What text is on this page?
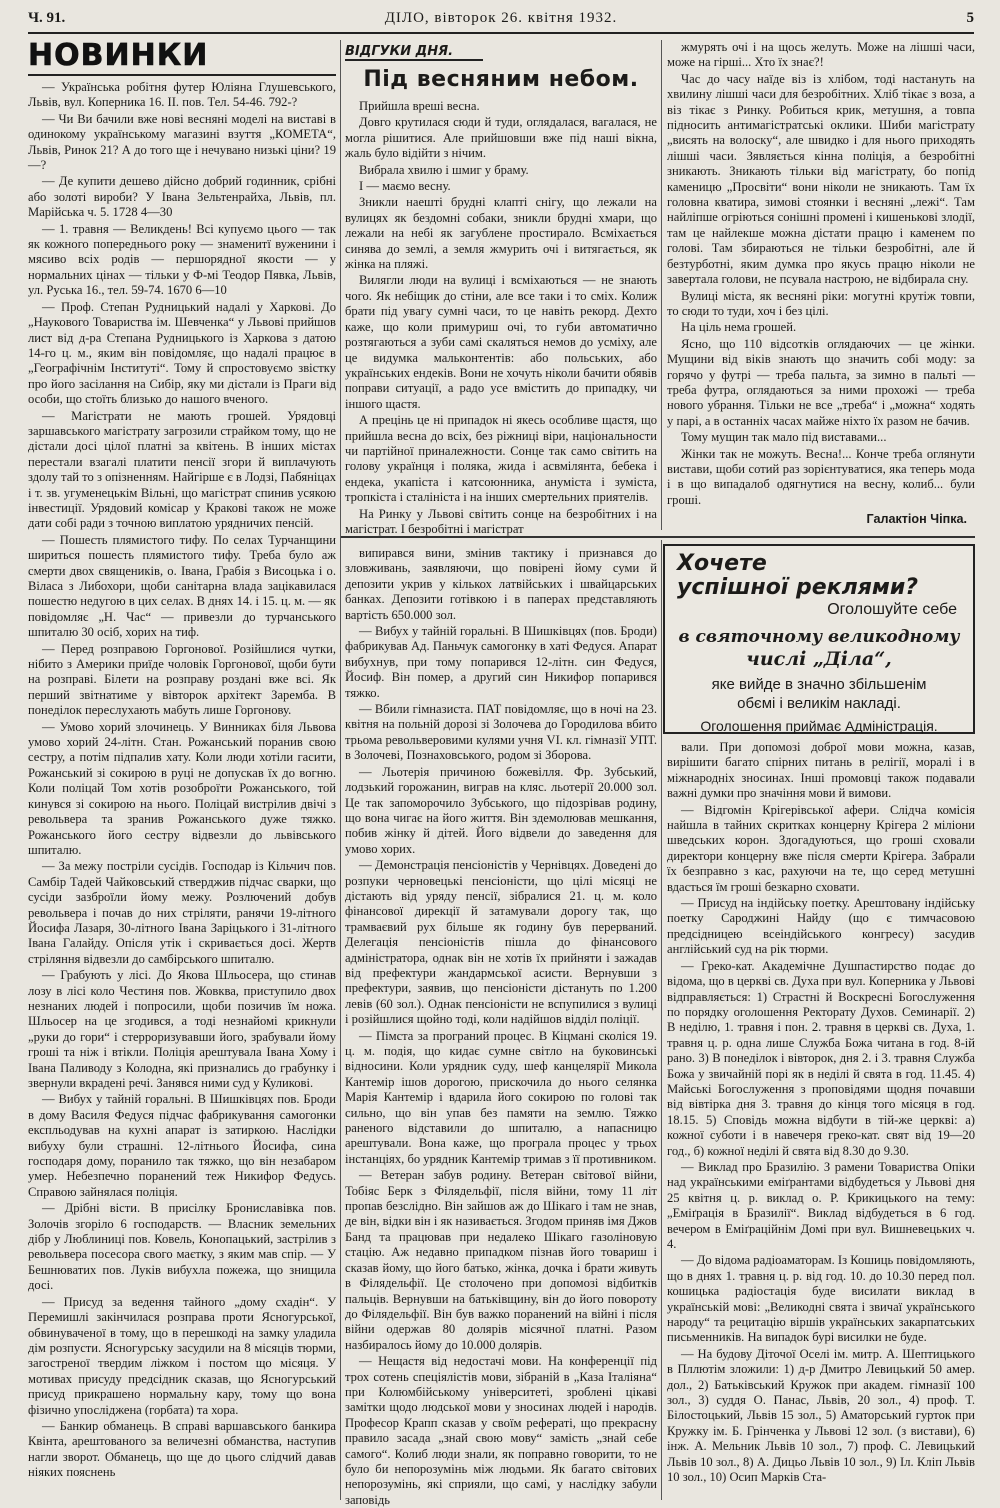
Ч. 91.	ДІЛО, вівторок 26. квітня 1932.	5
НОВИНКИ

— Українська робітня футер Юліяна Глушевського, Львів, вул. Коперника 16. II. пов. Тел. 54-46. 792-?

— Чи Ви бачили вже нові весняні моделі на виставі в одинокому українському магазині взуття „КОМЕТА“, Львів, Ринок 21? А до того ще і нечувано низькі ціни? 19—?

— Де купити дешево дійсно добрий годинник, срібні або золоті вироби? У Івана Зельтенрайха, Львів, пл. Марійська ч. 5. 1728 4—30

— 1. травня — Великдень! Всі купуємо цього — так як кожного попереднього року — знаменитї вуженини і мясиво всіх родів — першорядної якости — у нормальних цінах — тільки у Ф-мі Теодор Пявка, Львів, ул. Руська 16., тел. 59-74. 1670 6—10

— Проф. Степан Рудницький надалі у Харкові. До „Наукового Товариства ім. Шевченка“ у Львові прийшов лист від д-ра Степана Рудницького із Харкова з датою 14-го ц. м., яким він повідомляє, що надалі працює в „Географічнім Інституті“. Тому й спростовуємо звістку про його засілання на Сибір, яку ми дістали із Праги від особи, що стоїть близько до нашого вченого.

— Магістрати не мають грошей. Урядовці заршавського магістрату загрозили страйком тому, що не дістали досі цілої платні за квітень. В інших містах перестали взагалі платити пенсії згори й виплачують здолу тай то з опізненням. Найгірше є в Лодзі, Пабяніцах і т. зв. угуменецькім Вільні, що магістрат спинив усякою інвестиції. Урядовий комісар у Кракові також не може дати собі ради з точною виплатою урядничих пенсій.

— Пошесть плямистого тифу. По селах Турчанщини шириться пошесть плямистого тифу. Треба було аж смерти двох священиків, о. Івана, Грабія з Висоцька і о. Віласа з Либохори, щоби санітарна влада зацікавилася пошестю недугою в цих селах. В днях 14. і 15. ц. м. — як повідомляє „Н. Час“ — привезли до турчанського шпиталю 30 осіб, хорих на тиф.

— Перед розправою Горгонової. Розійшлися чутки, нібито з Америки приїде чоловік Горгонової, щоби бути на розправі. Білети на розправу роздані вже всі. Як перший звітнатиме у вівторок архітект Заремба. В понеділок переслухають мабуть лише Горгонову.

— Умово хорий злочинець. У Винниках біля Львова умово хорий 24-літн. Стан. Рожанський поранив свою сестру, а потім підпалив хату. Коли люди хотіли гасити, Рожанський зі сокирою в руці не допускав їх до вогню. Коли поліцай Том хотів розоброїти Рожанського, той кинувся зі сокирою на нього. Поліцай вистрілив двічі з револьвера та зранив Рожанського дуже тяжко. Рожанського його сестру відвезли до львівського шпиталю.

— За межу постріли сусідів. Господар із Кільчич пов. Самбір Тадей Чайковський стверджив підчас сварки, що сусіди зазброїли йому межу. Розлючений добув револьвера і почав до них стріляти, ранячи 19-літного Йосифа Лазаря, 30-літного Івана Заріцького і 31-літного Івана Галайду. Опісля утік і скривається досі. Жертв стріляння відвезли до самбірського шпиталю.

— Грабують у лісі. До Якова Шльосера, що стинав лозу в лісі коло Честиня пов. Жовква, приступило двох незнаних людей і попросили, щоби позичив їм ножа. Шльосер на це згодився, а тоді незнайомі крикнули „руки до гори“ і стерроризувавши його, зрабували йому гроші та ніж і втікли. Поліція арештувала Івана Хому і Івана Паливоду з Колодна, які признались до грабунку і звернули вкрадені речі. Занявся ними суд у Куликові.

— Вибух у тайній горальні. В Шишківцях пов. Броди в дому Василя Федуся підчас фабрикування самогонки експльодував на кухні апарат із затиркою. Наслідки вибуху були страшні. 12-літнього Йосифа, сина господаря дому, поранило так тяжко, що він незабаром умер. Небезпечно поранений теж Никифор Федусь. Справою зайнялася поліція.

— Дрібні вісти. В присілку Брониславівка пов. Золочів згоріло 6 господарств. — Власник земельних дібр у Люблиниці пов. Ковель, Конопацький, застрілив з револьвера посесора свого маєтку, з яким мав спір. — У Бешнюватих пов. Луків вибухла пожежа, що знищила досі.

— Присуд за ведення тайного „дому схадін“. У Перемишлі закінчилася розправа проти Ясногурської, обвинуваченої в тому, що в перешкоді на замку уладила дім розпусти. Ясногурську засудили на 8 місяців тюрми, загостреної твердим ліжком і постом що місяця. У мотивах присуду предсідник сказав, що Ясногурський присуд прикрашено нормальну кару, тому що вона фізично упосліджена (горбата) та хора.

— Банкир обманець. В справі варшавського банкира Квінта, арештованого за величезні обманства, наступив нагли зворот. Обманець, що ще до цього слідчий давав ніяких пояснень

ВІДГУКИ ДНЯ.
Під весняним небом.

Прийшла вреші весна.

Довго крутилася сюди й туди, оглядалася, вагалася, не могла рішитися. Але прийшовши вже під наші вікна, жаль було відійти з нічим.

Вибрала хвилю і шмиг у браму.

І — маємо весну.

Зникли наешті брудні клапті снігу, що лежали на вулицях як бездомні собаки, зникли брудні хмари, що лежали на небі як загублене простирало. Всміхається синява до землі, а земля жмурить очі і витягається, як жінка на пляжі.

Вилягли люди на вулиці і всміхаються — не знають чого. Як небіщик до стіни, але все таки і то сміх. Колиж брати під увагу сумні часи, то це навіть рекорд. Дехто каже, що коли примуриш очі, то губи автоматично розтягаються а зуби самі скаляться немов до усміху, але це видумка мальконтентів: або польських, або українських ендеків. Вони не хочуть ніколи бачити обявів поправи ситуації, а радо усе вмістить до припадку, чи іншого щастя.

А прецінь це ні припадок ні якесь особливе щастя, що прийшла весна до всіх, без ріжниці віри, національности чи партійної приналежности. Сонце так само світить на голову українця і поляка, жида і асвмілянта, бебека і ендека, укапіста і катсоюнника, ануміста і зуміста, тропкіста і сталініста і на інших смертельних приятелів.

На Ринку у Львові світить сонце на безробітних і на магістрат. І безробітні і магістрат

жмурять очі і на щось желуть. Може на лішші часи, може на гірші... Хто їх знає?!

Час до часу наїде віз із хлібом, тоді настануть на хвилину лішші часи для безробітних. Хліб тікає з воза, а віз тікає з Ринку. Робиться крик, метушня, а товпа підносить антимагістратські оклики. Шиби магістрату „висять на волоску“, але швидко і для нього приходять лішші часи. Зявляється кінна поліція, а безробітні зникають. Зникають тільки від магістрату, бо попід каменицю „Просвіти“ вони ніколи не зникають. Там їх головна кватира, зимові стоянки і весняні „лежі“. Там найліпше огріються сонішні промені і кишенькові злодії, там це найлекше можна дістати працю і каменем по голові. Там збираються не тільки безробітні, але й безтурботні, яким думка про якусь працю ніколи не завертала голови, не псувала настрою, не відбирала сну.

Вулиці міста, як весняні ріки: могутні крутіж товпи, то сюди то туди, хоч і без цілі.

На ціль нема грошей.

Ясно, що 110 відсотків оглядаючих — це жінки. Мущини від віків знають що значить собі моду: за горячо у футрі — треба пальта, за зимно в пальті — треба футра, оглядаються за ними прохожі — треба нового убрання. Тільки не все „треба“ і „можна“ ходять у парі, а в останніх часах майже ніхто їх разом не бачив.

Тому мущин так мало під виставами...

Жінки так не можуть. Весна!... Конче треба оглянути вистави, щоби сотий раз зорієнтуватися, яка теперь мода і в що випадалоб одягнутися на весну, колиб... були гроші.

Галактіон Чіпка.

випирався вини, змінив тактику і признався до зловживань, заявляючи, що повірені йому суми й депозити укрив у кількох латвійських і швайцарських банках. Депозити готівкою і в паперах представляють вартість 650.000 зол.

— Вибух у тайній горальні. В Шишківцях (пов. Броди) фабрикував Ад. Паньчук самогонку в хаті Федуся. Апарат вибухнув, при тому попарився 12-літн. син Федуся, Йосиф. Він помер, а другий син Никифор попарився тяжко.

— Вбили гімназиста. ПАТ повідомляє, що в ночі на 23. квітня на польній дорозі зі Золочева до Городилова вбито трьома револьверовими кулями учня VI. кл. гімназії УПТ. в Золочеві, Познаховського, родом зі Зборова.

— Льотерія причиною божевілля. Фр. Зубський, лодзький горожанин, виграв на кляс. льотерії 20.000 зол. Це так запоморочило Зубського, що підозрівав родину, що вона чигає на його життя. Він здемолював мешкання, побив жінку й дітей. Його відвели до заведення для умово хорих.

— Демонстрація пенсіоністів у Чернівцях. Доведені до розпуки черновецькі пенсіоністи, що цілі місяці не дістають від уряду пенсії, зібралися 21. ц. м. коло фінансової дирекції й затамували дорогу так, що трамваєвий рух більше як годину був перерваний. Делегація пенсіоністів пішла до фінансового адміністратора, однак він не хотів їх прийняти і зажадав від префектури жандармської асисти. Вернувши з префектури, заявив, що пенсіоністи дістануть по 1.200 левів (60 зол.). Однак пенсіоністи не вспупилися з вулиці і розійшлися щойно тоді, коли надійшов відділ поліції.

— Пімста за програний процес. В Кіцмані сколіся 19. ц. м. подія, що кидає сумне світло на буковинські відносини. Коли урядник суду, шеф канцелярії Микола Кантемір ішов дорогою, прискочила до нього селянка Марія Кантемір і вдарила його сокирою по голові так сильно, що він упав без памяти на землю. Тяжко раненого відставили до шпиталю, а напасницю арештували. Вона каже, що програла процес у трьох інстанціях, бо урядник Кантемір тримав з її противником.

— Ветеран забув родину. Ветеран світової війни, Тобіяс Берк з Філядельфії, після війни, тому 11 літ пропав безслідно. Він зайшов аж до Шікаго і там не знав, де він, відки він і як називається. Згодом приняв імя Джов Банд та працював при недалеко Шікаго газоліновую стацію. Аж недавно припадком пізнав його товариш і сказав йому, що його батько, жінка, дочка і брати живуть в Філядельфії. Це столочено при допомозі відбитків пальців. Вернувши на батьківщину, він до його повороту до Філядельфії. Він був важко поранений на війні і після війни одержав 80 долярів місячної платні. Разом назбиралось йому до 10.000 долярів.

— Нещастя від недостачі мови. На конференції під трох сотень спеціялістів мови, зібраній в „Каза Італіяна“ при Колюмбійському університеті, зроблені цікаві замітки щодо людської мови у зносинах людей і народів. Професор Крапп сказав у своїм рефераті, що прекрасну правило засада „знай свою мову“ замість „знай себе самого“. Колиб люди знали, як поправно говорити, то не було би непорозумінь між людьми. Як багато світових непорозумінь, які сприяли, що самі, у наслідку забули заповідь

Хочете
успішної реклями?
Оголошуйте себе
в святочному великодному
числі „Діла“,
яке вийде в значно збільшенім
обємі і великім накладі.
Оголошення приймає Адміністрація.

вали. При допомозі доброї мови можна, казав, вирішити багато спірних питань в релігії, моралі і в міжнародніх зносинах. Інші промовці також подавали важні думки про значіння мови й вимови.

— Відгомін Крігерівської афери. Слідча комісія найшла в тайних скритках концерну Крігера 2 міліони шведських корон. Здогадуються, що гроші сховали директори концерну вже після смерти Крігера. Забрали їх безправно з кас, рахуючи на те, що серед метушні вдасться їм гроші безкарно сховати.

— Присуд на індійську поетку. Арештовану індійську поетку Сароджині Найду (що є тимчасовою предсідницею всеіндійського конгресу) засудив англійський суд на рік тюрми.

— Греко-кат. Академічне Душпастирство подає до відома, що в церкві св. Духа при вул. Коперника у Львові відправляється: 1) Страстні й Воскресні Богослуження по порядку оголошення Ректорату Духов. Семинарії. 2) В неділю, 1. травня і пон. 2. травня в церкві св. Духа, 1. травня ц. р. одна лише Служба Божа читана в год. 8-ій рано. 3) В понеділок і вівторок, дня 2. і 3. травня Служба Божа у звичайній порі як в неділі й свята в год. 11.45. 4) Майські Богослуження з проповідями щодня почавши від вівтірка дня 3. травня до кінця того місяця в год. 18.15. 5) Сповідь можна відбути в тій-же церкві: а) кожної суботи і в навечеря греко-кат. свят від 19—20 год., б) кожної неділі й свята від 8.30 до 9.30.

— Виклад про Бразилію. З рамени Товариства Опіки над українськими еміґрантами відбудеться у Львові дня 25 квітня ц. р. виклад о. Р. Крикицького на тему: „Еміґрація в Бразилії“. Виклад відбудеться в 6 год. вечером в Еміґраційнім Домі при вул. Вишневецьких ч. 4.

— До відома радіоаматорам. Із Кошиць повідомляють, що в днях 1. травня ц. р. від год. 10. до 10.30 перед пол. кошицька радіостація буде висилати виклад в українській мові: „Великодні свята і звичаї українського народу“ та рецитацію віршів українських закарпатських письменників. На випадок бурі висилки не буде.

— На будову Діточої Оселі ім. митр. А. Шептицького в Пллютім зложили: 1) д-р Дмитро Левицький 50 амер. дол., 2) Батьківський Кружок при академ. гімназії 100 зол., 3) суддя О. Панас, Львів, 20 зол., 4) проф. Т. Білостоцький, Львів 15 зол., 5) Аматорський гурток при Кружку ім. Б. Грінченка у Львові 12 зол. (з вистави), 6) інж. А. Мельник Львів 10 зол., 7) проф. С. Левицький Львів 10 зол., 8) А. Дицьо Львів 10 зол., 9) Іл. Кліп Львів 10 зол., 10) Осип Марків Ста-
